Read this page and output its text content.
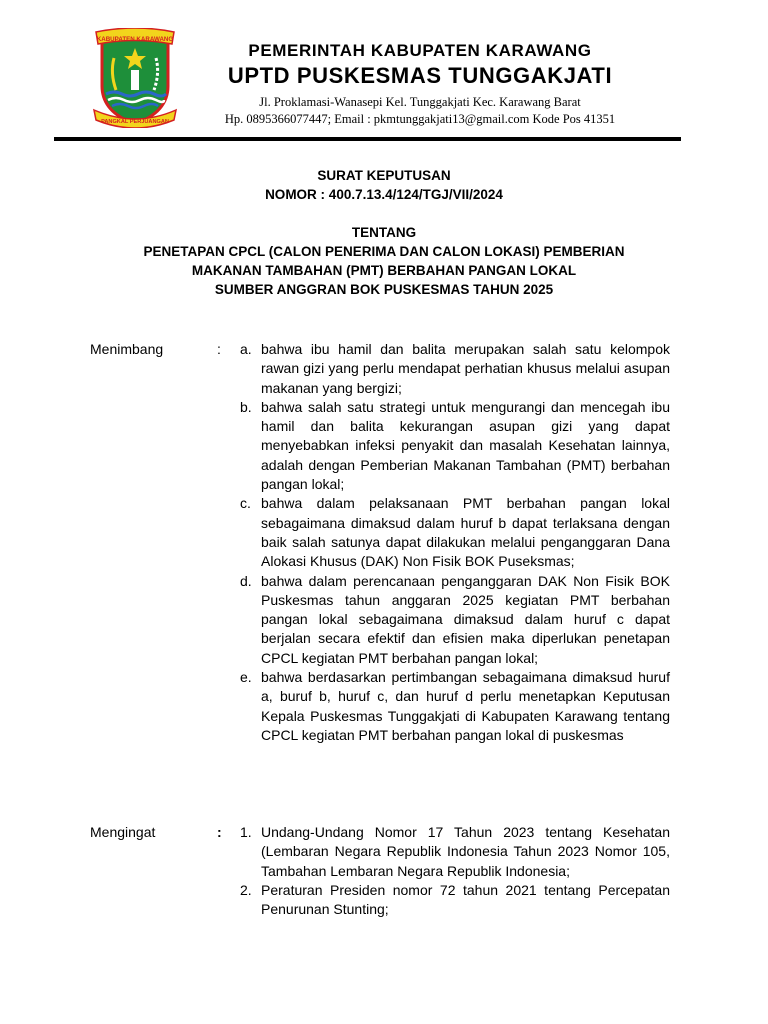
KABUPATEN KARAWANG
PANGKAL PERJUANGAN
PEMERINTAH KABUPATEN KARAWANG
UPTD PUSKESMAS TUNGGAKJATI
Jl. Proklamasi-Wanasepi Kel. Tunggakjati Kec. Karawang Barat
Hp. 0895366077447; Email : pkmtunggakjati13@gmail.com Kode Pos 41351
SURAT KEPUTUSAN
NOMOR : 400.7.13.4/124/TGJ/VII/2024
TENTANG
PENETAPAN CPCL (CALON PENERIMA DAN CALON LOKASI) PEMBERIAN
MAKANAN TAMBAHAN (PMT) BERBAHAN PANGAN LOKAL
SUMBER ANGGRAN BOK PUSKESMAS TAHUN 2025
Menimbang	: a. bahwa ibu hamil dan balita merupakan salah satu kelompok rawan gizi yang perlu mendapat perhatian khusus melalui asupan makanan yang bergizi;
b. bahwa salah satu strategi untuk mengurangi dan mencegah ibu hamil dan balita kekurangan asupan gizi yang dapat menyebabkan infeksi penyakit dan masalah Kesehatan lainnya, adalah dengan Pemberian Makanan Tambahan (PMT) berbahan pangan lokal;
c. bahwa dalam pelaksanaan PMT berbahan pangan lokal sebagaimana dimaksud dalam huruf b dapat terlaksana dengan baik salah satunya dapat dilakukan melalui penganggaran Dana Alokasi Khusus (DAK) Non Fisik BOK Puseksmas;
d. bahwa dalam perencanaan penganggaran DAK Non Fisik BOK Puskesmas tahun anggaran 2025 kegiatan PMT berbahan pangan lokal sebagaimana dimaksud dalam huruf c dapat berjalan secara efektif dan efisien maka diperlukan penetapan CPCL kegiatan PMT berbahan pangan lokal;
e. bahwa berdasarkan pertimbangan sebagaimana dimaksud huruf a, buruf b, huruf c, dan huruf d perlu menetapkan Keputusan Kepala Puskesmas Tunggakjati di Kabupaten Karawang tentang CPCL kegiatan PMT berbahan pangan lokal di puskesmas
Mengingat	: 1. Undang-Undang Nomor 17 Tahun 2023 tentang Kesehatan (Lembaran Negara Republik Indonesia Tahun 2023 Nomor 105, Tambahan Lembaran Negara Republik Indonesia;
2. Peraturan Presiden nomor 72 tahun 2021 tentang Percepatan Penurunan Stunting;
